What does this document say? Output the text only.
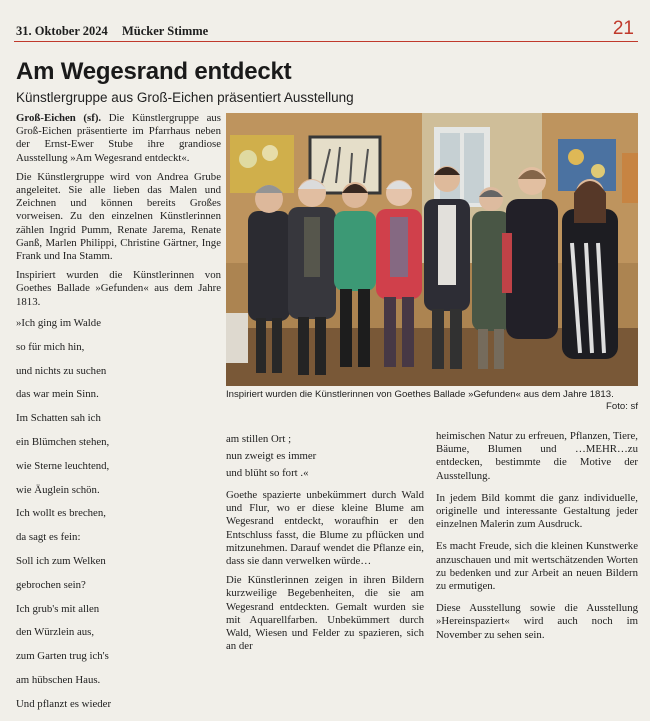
31. Oktober 2024 Mücker Stimme	21
Am Wegesrand entdeckt
Künstlergruppe aus Groß-Eichen präsentiert Ausstellung

Groß-Eichen (sf). Die Künstlergruppe aus Groß-Eichen präsentierte im Pfarrhaus neben der Ernst-Ewer Stube ihre grandiose Ausstellung »Am Wegesrand entdeckt«.

Die Künstlergruppe wird von Andrea Grube angeleitet. Sie alle lieben das Malen und Zeichnen und können bereits Großes vorweisen. Zu den einzelnen Künstlerinnen zählen Ingrid Pumm, Renate Jarema, Renate Ganß, Marlen Philippi, Christine Gärtner, Inge Frank und Ina Stamm.

Inspiriert wurden die Künstlerinnen von Goethes Ballade »Gefunden« aus dem Jahre 1813.

»Ich ging im Walde
so für mich hin,
und nichts zu suchen
das war mein Sinn.
Im Schatten sah ich
ein Blümchen stehen,
wie Sterne leuchtend,
wie Äuglein schön.
Ich wollt es brechen,
da sagt es fein:
Soll ich zum Welken
gebrochen sein?
Ich grub's mit allen
den Würzlein aus,
zum Garten trug ich's
am hübschen Haus.
Und pflanzt es wieder
Inspiriert wurden die Künstlerinnen von Goethes Ballade »Gefunden« aus dem Jahre 1813.
Foto: sf
am stillen Ort ;
nun zweigt es immer
und blüht so fort .«

Goethe spazierte unbekümmert durch Wald und Flur, wo er diese kleine Blume am Wegesrand entdeckt, woraufhin er den Entschluss fasst, die Blume zu pflücken und mitzunehmen. Darauf wendet die Pflanze ein, dass sie dann verwelken würde…

Die Künstlerinnen zeigen in ihren Bildern kurzweilige Begebenheiten, die sie am Wegesrand entdeckten. Gemalt wurden sie mit Aquarellfarben. Unbekümmert durch Wald, Wiesen und Felder zu spazieren, sich an der

heimischen Natur zu erfreuen, Pflanzen, Tiere, Bäume, Blumen und …MEHR…zu entdecken, bestimmte die Motive der Ausstellung.

In jedem Bild kommt die ganz individuelle, originelle und interessante Gestaltung jeder einzelnen Malerin zum Ausdruck.

Es macht Freude, sich die kleinen Kunstwerke anzuschauen und mit wertschätzenden Worten zu bedenken und zur Arbeit an neuen Bildern zu ermutigen.

Diese Ausstellung sowie die Ausstellung »Hereinspaziert« wird auch noch im November zu sehen sein.
